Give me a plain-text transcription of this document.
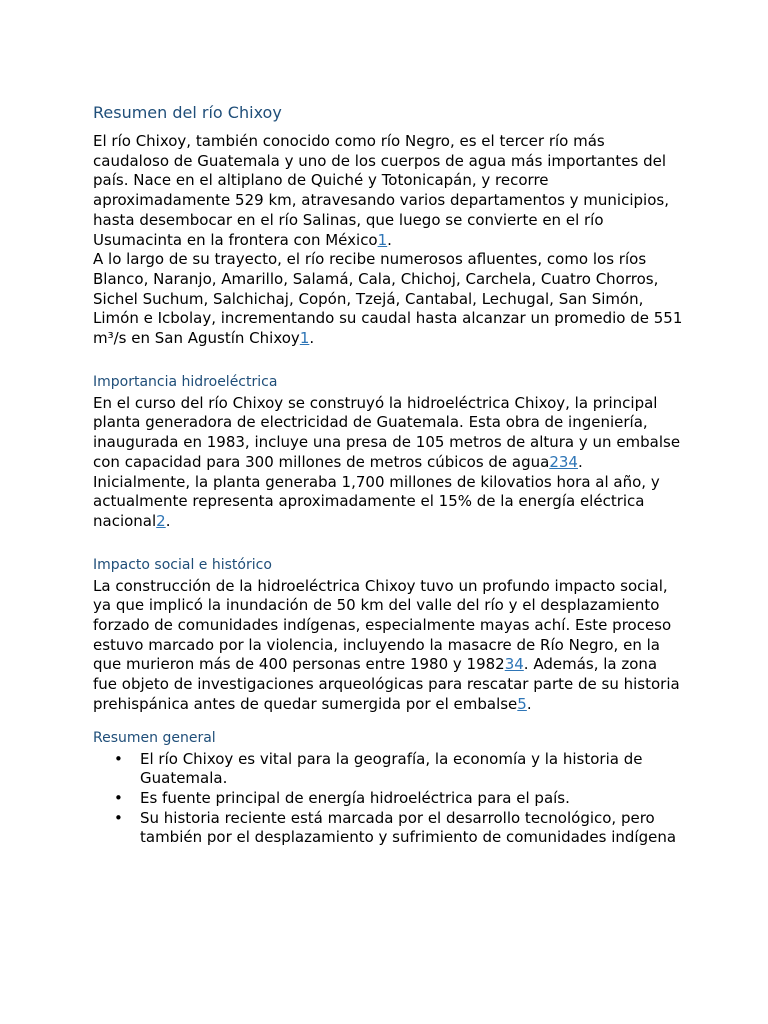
Resumen del río Chixoy

El río Chixoy, también conocido como río Negro, es el tercer río más caudaloso de Guatemala y uno de los cuerpos de agua más importantes del país. Nace en el altiplano de Quiché y Totonicapán, y recorre aproximadamente 529 km, atravesando varios departamentos y municipios, hasta desembocar en el río Salinas, que luego se convierte en el río Usumacinta en la frontera con México1.

A lo largo de su trayecto, el río recibe numerosos afluentes, como los ríos Blanco, Naranjo, Amarillo, Salamá, Cala, Chichoj, Carchela, Cuatro Chorros, Sichel Suchum, Salchichaj, Copón, Tzejá, Cantabal, Lechugal, San Simón, Limón e Icbolay, incrementando su caudal hasta alcanzar un promedio de 551 m³/s en San Agustín Chixoy1.

Importancia hidroeléctrica

En el curso del río Chixoy se construyó la hidroeléctrica Chixoy, la principal planta generadora de electricidad de Guatemala. Esta obra de ingeniería, inaugurada en 1983, incluye una presa de 105 metros de altura y un embalse con capacidad para 300 millones de metros cúbicos de agua234. Inicialmente, la planta generaba 1,700 millones de kilovatios hora al año, y actualmente representa aproximadamente el 15% de la energía eléctrica nacional2.

Impacto social e histórico

La construcción de la hidroeléctrica Chixoy tuvo un profundo impacto social, ya que implicó la inundación de 50 km del valle del río y el desplazamiento forzado de comunidades indígenas, especialmente mayas achí. Este proceso estuvo marcado por la violencia, incluyendo la masacre de Río Negro, en la que murieron más de 400 personas entre 1980 y 198234. Además, la zona fue objeto de investigaciones arqueológicas para rescatar parte de su historia prehispánica antes de quedar sumergida por el embalse5.

Resumen general
• El río Chixoy es vital para la geografía, la economía y la historia de Guatemala.
• Es fuente principal de energía hidroeléctrica para el país.
• Su historia reciente está marcada por el desarrollo tecnológico, pero también por el desplazamiento y sufrimiento de comunidades indígena
